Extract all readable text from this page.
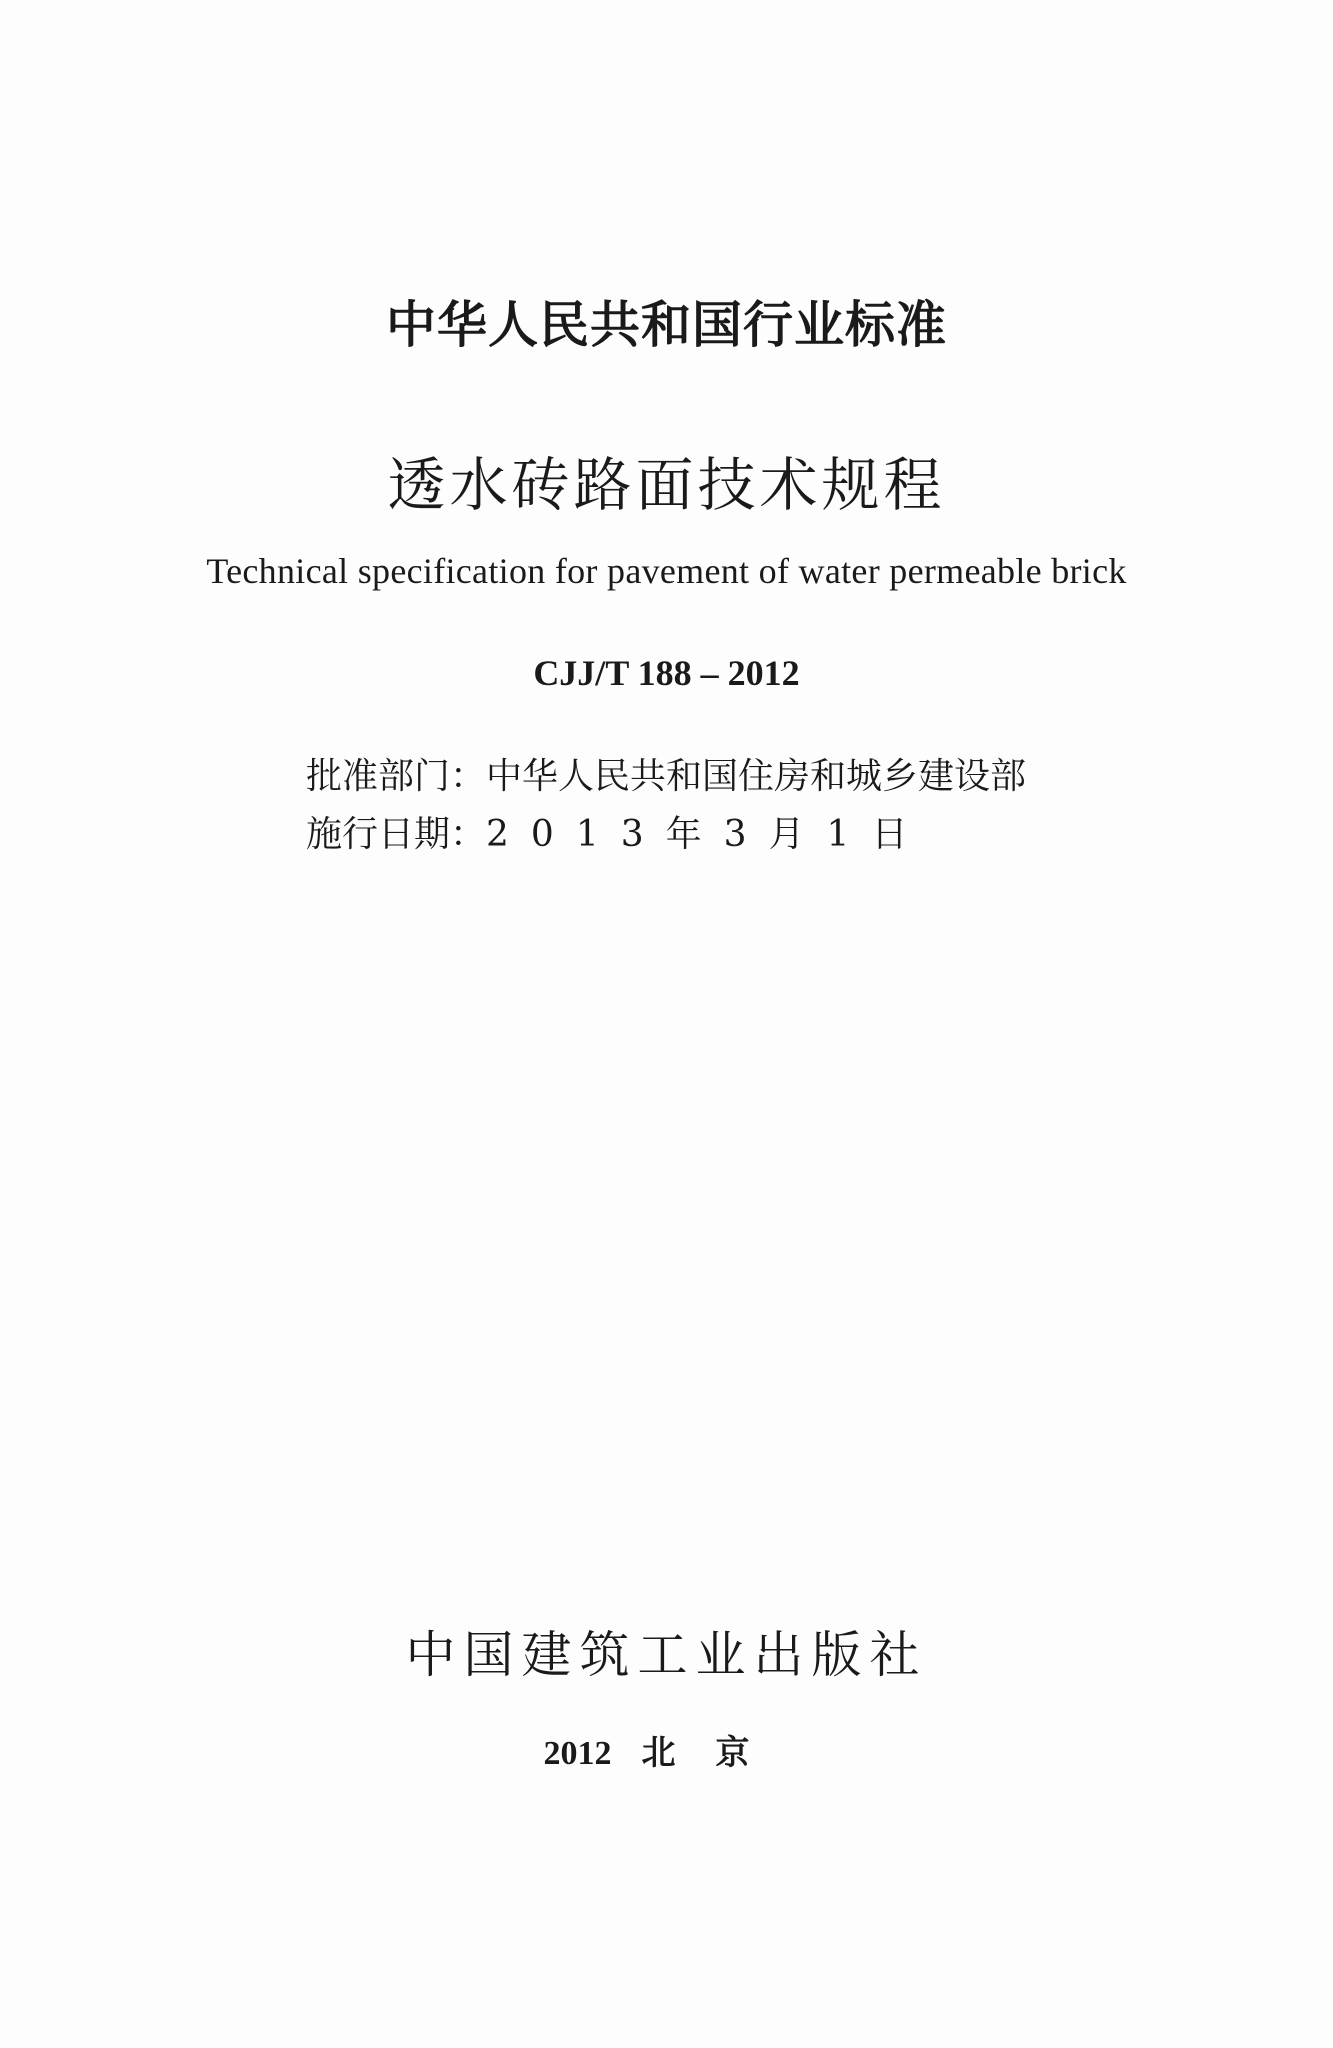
中华人民共和国行业标准
透水砖路面技术规程
Technical specification for pavement of water permeable brick
CJJ/T 188 – 2012
批准部门：中华人民共和国住房和城乡建设部
施行日期：2013年3月1日
中国建筑工业出版社
2012 北京
